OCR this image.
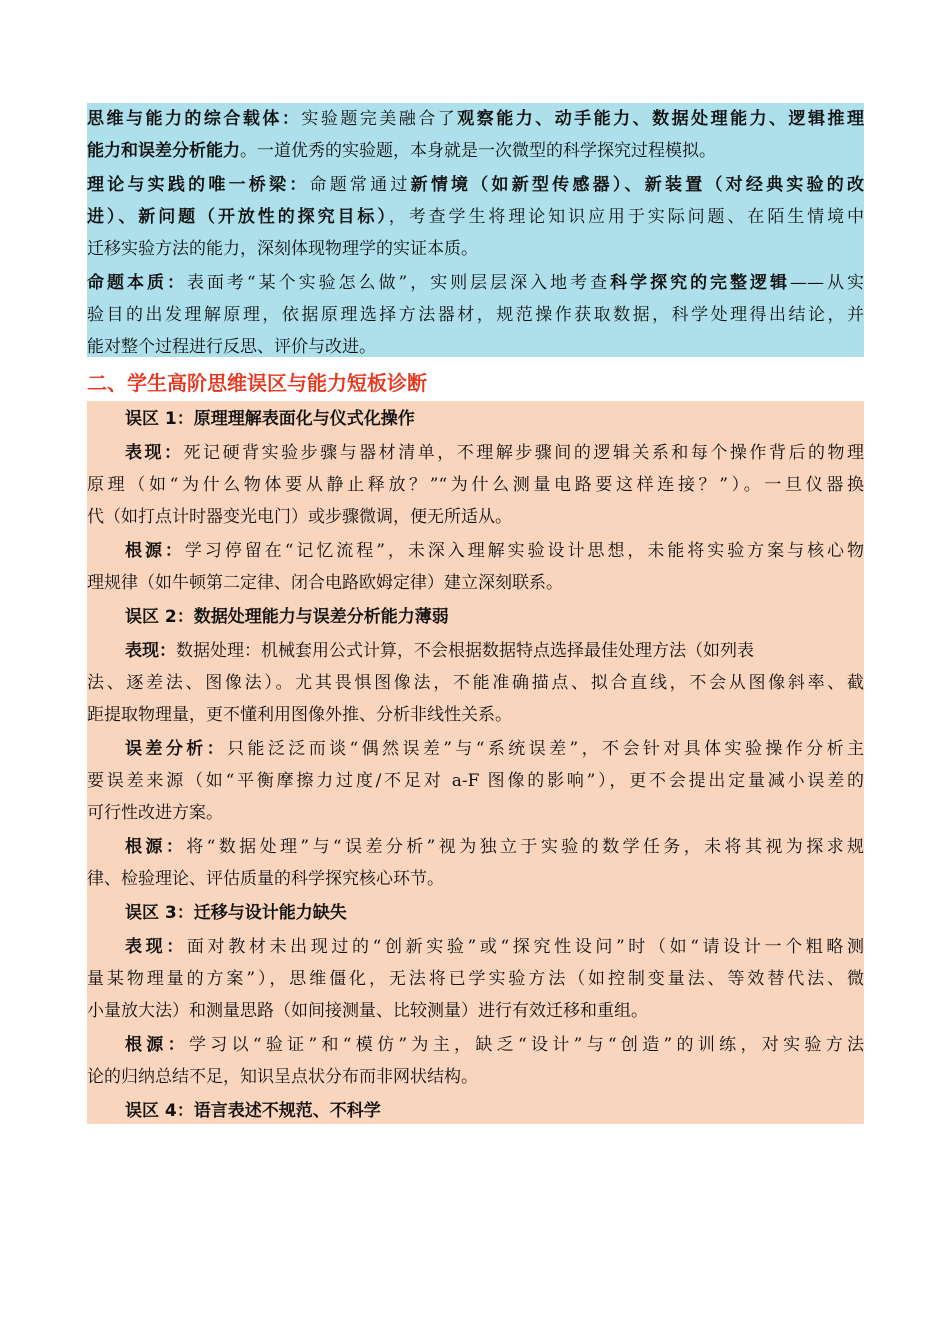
思维与能力的综合载体：实验题完美融合了观察能力、动手能力、数据处理能力、逻辑推理
能力和误差分析能力。一道优秀的实验题，本身就是一次微型的科学探究过程模拟。
理论与实践的唯一桥梁：命题常通过新情境（如新型传感器）、新装置（对经典实验的改
进）、新问题（开放性的探究目标），考查学生将理论知识应用于实际问题、在陌生情境中
迁移实验方法的能力，深刻体现物理学的实证本质。
命题本质：表面考“某个实验怎么做”，实则层层深入地考查科学探究的完整逻辑——从实
验目的出发理解原理，依据原理选择方法器材，规范操作获取数据，科学处理得出结论，并
能对整个过程进行反思、评价与改进。
二、学生高阶思维误区与能力短板诊断
误区 1：原理理解表面化与仪式化操作
表现：死记硬背实验步骤与器材清单，不理解步骤间的逻辑关系和每个操作背后的物理
原理（如“为什么物体要从静止释放？”“为什么测量电路要这样连接？”）。一旦仪器换
代（如打点计时器变光电门）或步骤微调，便无所适从。
根源：学习停留在“记忆流程”，未深入理解实验设计思想，未能将实验方案与核心物
理规律（如牛顿第二定律、闭合电路欧姆定律）建立深刻联系。
误区 2：数据处理能力与误差分析能力薄弱
表现：数据处理：机械套用公式计算，不会根据数据特点选择最佳处理方法（如列表
法、逐差法、图像法）。尤其畏惧图像法，不能准确描点、拟合直线，不会从图像斜率、截
距提取物理量，更不懂利用图像外推、分析非线性关系。
误差分析：只能泛泛而谈“偶然误差”与“系统误差”，不会针对具体实验操作分析主
要误差来源（如“平衡摩擦力过度/不足对 a-F 图像的影响”），更不会提出定量减小误差的
可行性改进方案。
根源：将“数据处理”与“误差分析”视为独立于实验的数学任务，未将其视为探求规
律、检验理论、评估质量的科学探究核心环节。
误区 3：迁移与设计能力缺失
表现：面对教材未出现过的“创新实验”或“探究性设问”时（如“请设计一个粗略测
量某物理量的方案”），思维僵化，无法将已学实验方法（如控制变量法、等效替代法、微
小量放大法）和测量思路（如间接测量、比较测量）进行有效迁移和重组。
根源：学习以“验证”和“模仿”为主，缺乏“设计”与“创造”的训练，对实验方法
论的归纳总结不足，知识呈点状分布而非网状结构。
误区 4：语言表述不规范、不科学
